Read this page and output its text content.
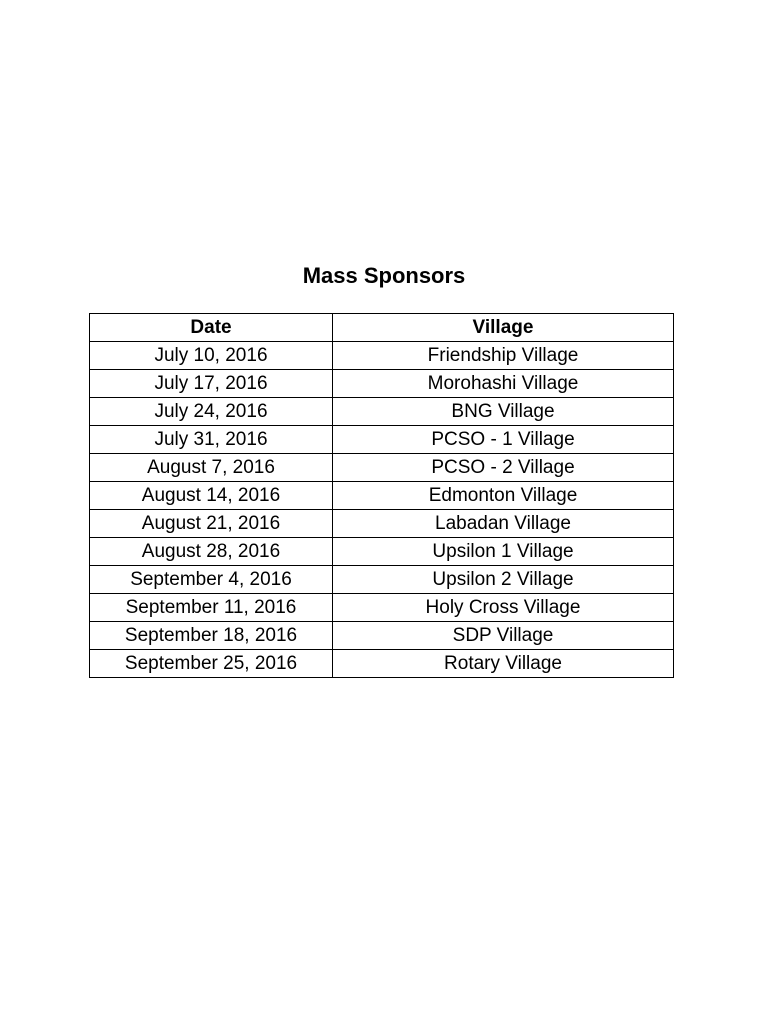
Mass Sponsors
Date	Village
July 10, 2016	Friendship Village
July 17, 2016	Morohashi Village
July 24, 2016	BNG Village
July 31, 2016	PCSO - 1 Village
August 7, 2016	PCSO - 2 Village
August 14, 2016	Edmonton Village
August 21, 2016	Labadan Village
August 28, 2016	Upsilon 1 Village
September 4, 2016	Upsilon 2 Village
September 11, 2016	Holy Cross Village
September 18, 2016	SDP Village
September 25, 2016	Rotary Village
